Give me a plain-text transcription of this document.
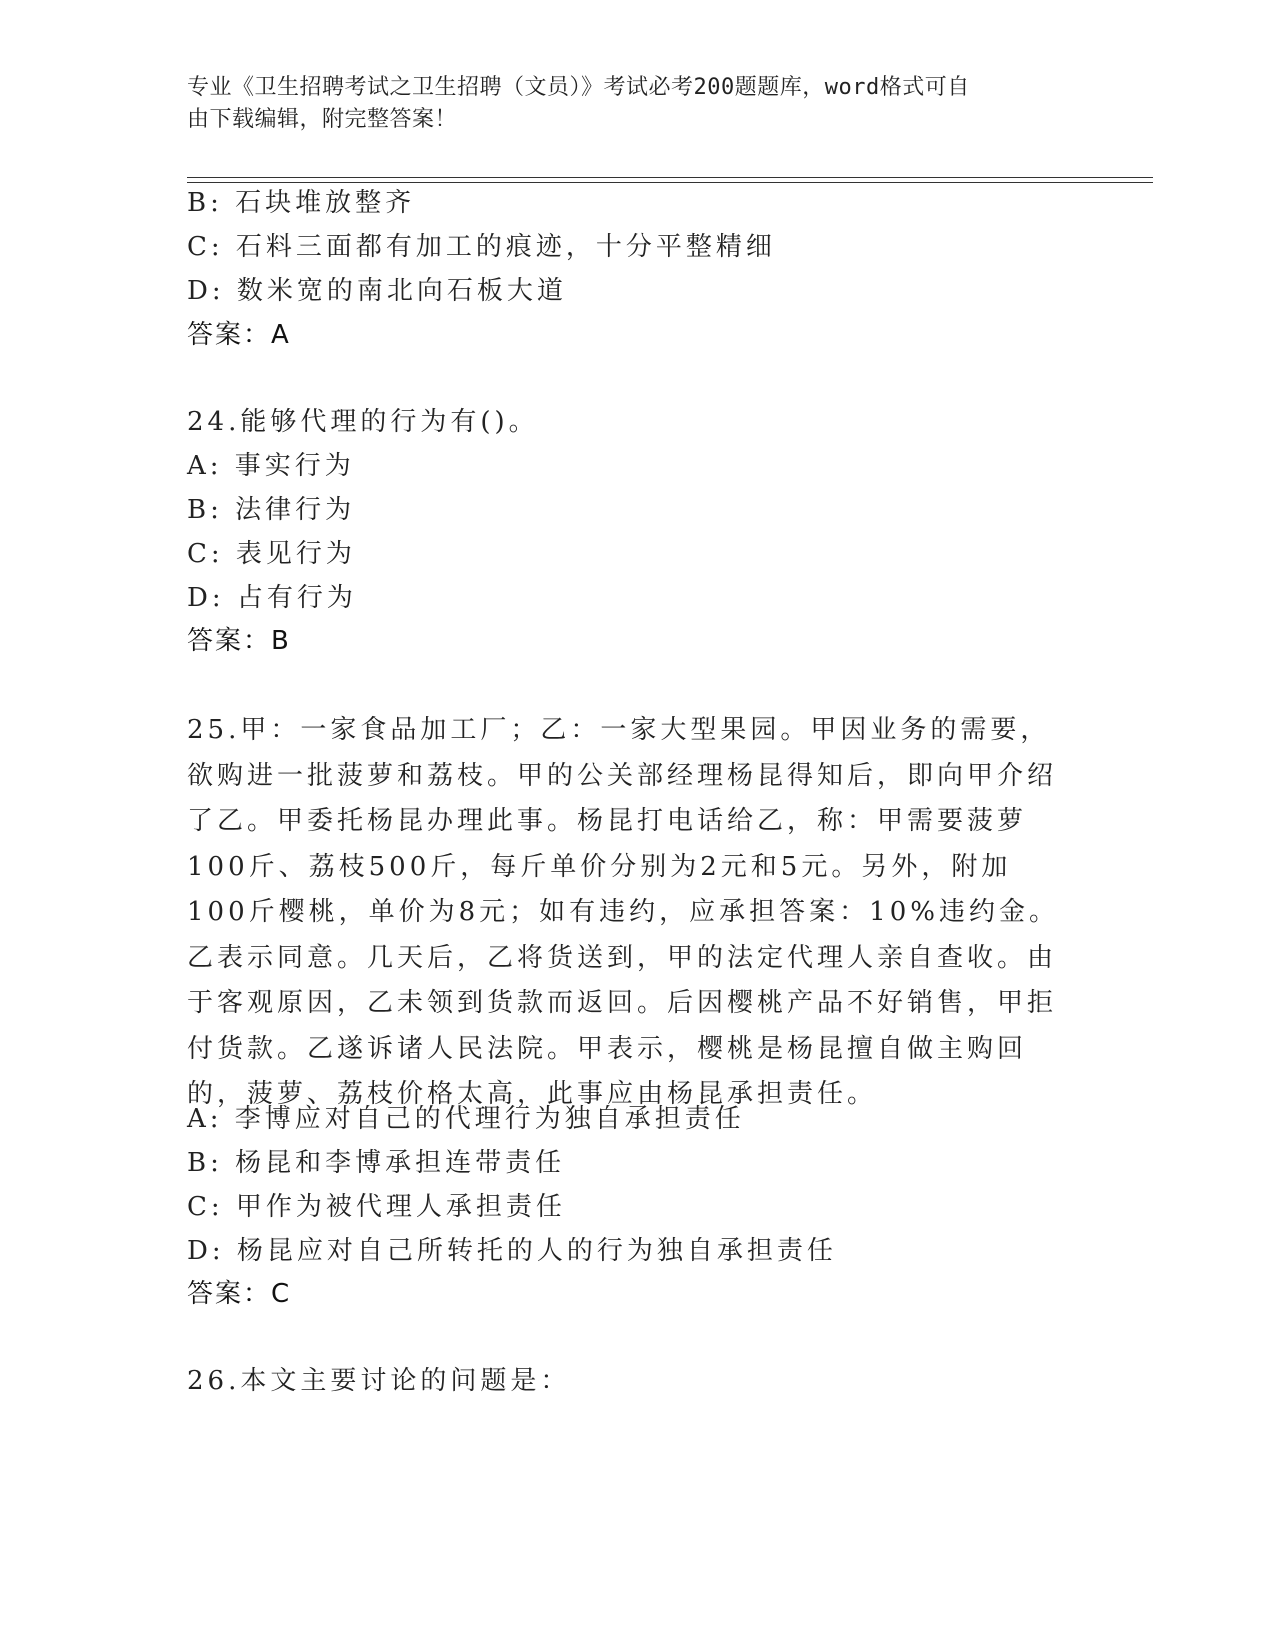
专业《卫生招聘考试之卫生招聘（文员）》考试必考200题题库，word格式可自
由下载编辑，附完整答案！
B: 石块堆放整齐
C: 石料三面都有加工的痕迹，十分平整精细
D: 数米宽的南北向石板大道
答案：A
24.能够代理的行为有()。
A: 事实行为
B: 法律行为
C: 表见行为
D: 占有行为
答案：B
25.甲：一家食品加工厂；乙：一家大型果园。甲因业务的需要，欲购进一批菠萝和荔枝。甲的公关部经理杨昆得知后，即向甲介绍了乙。甲委托杨昆办理此事。杨昆打电话给乙，称：甲需要菠萝100斤、荔枝500斤，每斤单价分别为2元和5元。另外，附加100斤樱桃，单价为8元；如有违约，应承担答案：10%违约金。乙表示同意。几天后，乙将货送到，甲的法定代理人亲自查收。由于客观原因，乙未领到货款而返回。后因樱桃产品不好销售，甲拒付货款。乙遂诉诸人民法院。甲表示，樱桃是杨昆擅自做主购回的，菠萝、荔枝价格太高，此事应由杨昆承担责任。
A: 李博应对自己的代理行为独自承担责任
B: 杨昆和李博承担连带责任
C: 甲作为被代理人承担责任
D: 杨昆应对自己所转托的人的行为独自承担责任
答案：C
26.本文主要讨论的问题是：
